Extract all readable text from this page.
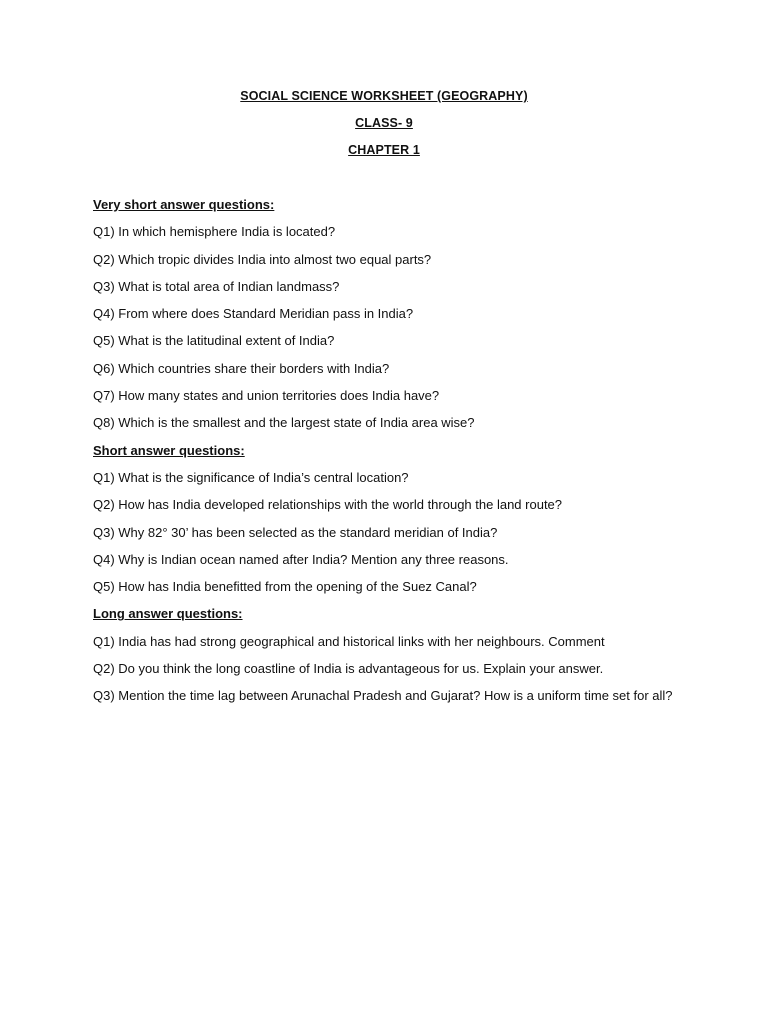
SOCIAL SCIENCE WORKSHEET (GEOGRAPHY)
CLASS- 9
CHAPTER 1
Very short answer questions:
Q1) In which hemisphere India is located?
Q2) Which tropic divides India into almost two equal parts?
Q3) What is total area of Indian landmass?
Q4) From where does Standard Meridian pass in India?
Q5) What is the latitudinal extent of India?
Q6) Which countries share their borders with India?
Q7) How many states and union territories does India have?
Q8) Which is the smallest and the largest state of India area wise?
Short answer questions:
Q1) What is the significance of India’s central location?
Q2) How has India developed relationships with the world through the land route?
Q3) Why 82° 30’ has been selected as the standard meridian of India?
Q4) Why is Indian ocean named after India? Mention any three reasons.
Q5) How has India benefitted from the opening of the Suez Canal?
Long answer questions:
Q1) India has had strong geographical and historical links with her neighbours. Comment
Q2) Do you think the long coastline of India is advantageous for us. Explain your answer.
Q3) Mention the time lag between Arunachal Pradesh and Gujarat? How is a uniform time set for all?
